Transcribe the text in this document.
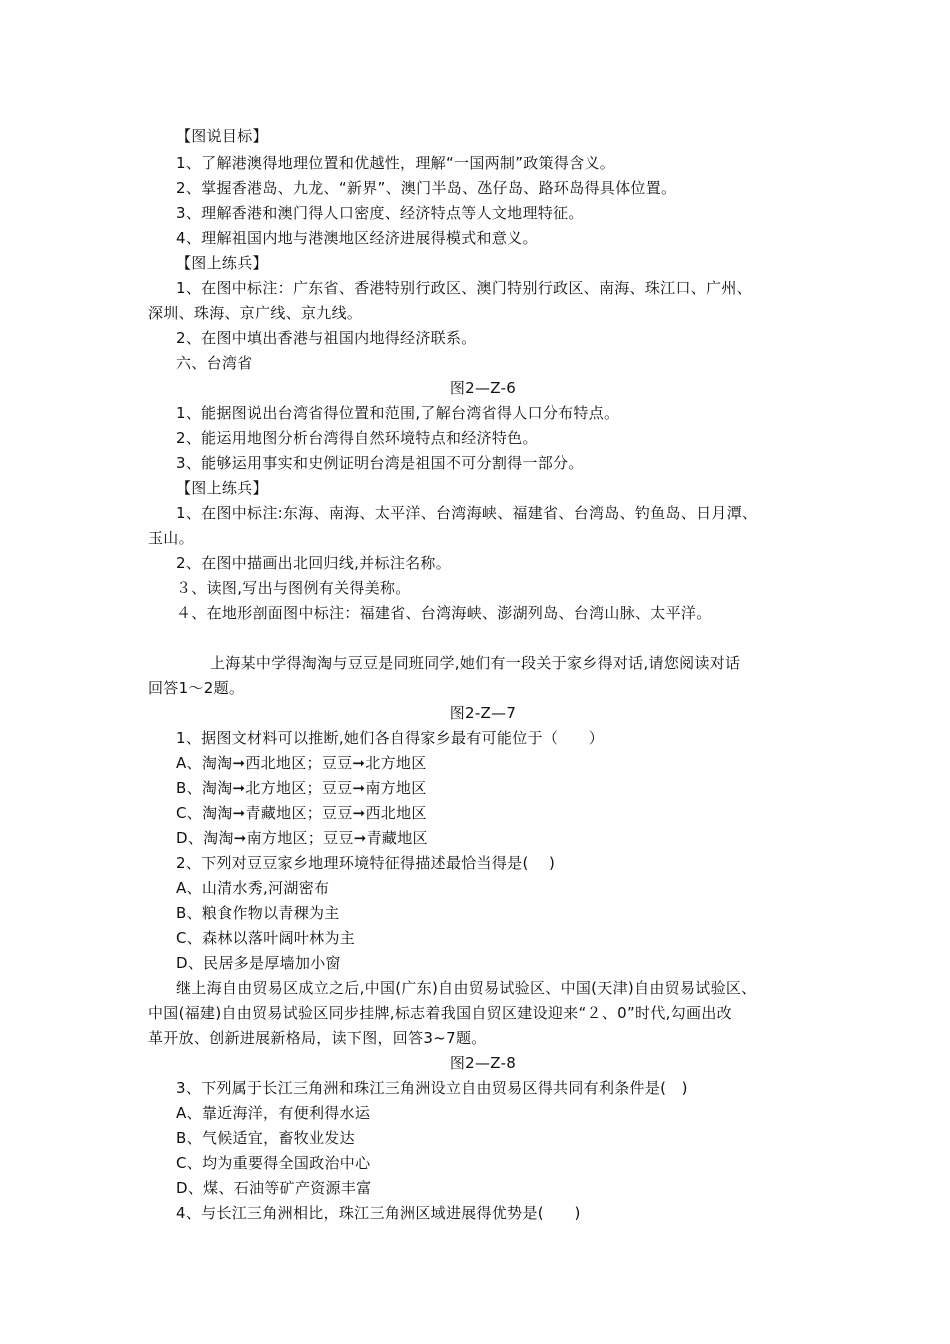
【图说目标】
1、了解港澳得地理位置和优越性，理解“一国两制”政策得含义。
2、掌握香港岛、九龙、“新界”、澳门半岛、氹仔岛、路环岛得具体位置。
3、理解香港和澳门得人口密度、经济特点等人文地理特征。
4、理解祖国内地与港澳地区经济进展得模式和意义。
【图上练兵】
1、在图中标注：广东省、香港特别行政区、澳门特别行政区、南海、珠江口、广州、
深圳、珠海、京广线、京九线。
2、在图中填出香港与祖国内地得经济联系。
六、台湾省
图2—Z-6
1、能据图说出台湾省得位置和范围,了解台湾省得人口分布特点。
2、能运用地图分析台湾得自然环境特点和经济特色。
3、能够运用事实和史例证明台湾是祖国不可分割得一部分。
【图上练兵】
1、在图中标注:东海、南海、太平洋、台湾海峡、福建省、台湾岛、钓鱼岛、日月潭、
玉山。
2、在图中描画出北回归线,并标注名称。
３、读图,写出与图例有关得美称。
４、在地形剖面图中标注：福建省、台湾海峡、澎湖列岛、台湾山脉、太平洋。
上海某中学得淘淘与豆豆是同班同学,她们有一段关于家乡得对话,请您阅读对话
回答1～2题。
图2-Z—7
1、据图文材料可以推断,她们各自得家乡最有可能位于（　　）
A、淘淘➞西北地区；豆豆➞北方地区
B、淘淘➞北方地区；豆豆➞南方地区
C、淘淘➞青藏地区；豆豆➞西北地区
D、淘淘➞南方地区；豆豆➞青藏地区
2、下列对豆豆家乡地理环境特征得描述最恰当得是(　 )
A、山清水秀,河湖密布
B、粮食作物以青稞为主
C、森林以落叶阔叶林为主
D、民居多是厚墙加小窗
继上海自由贸易区成立之后,中国(广东)自由贸易试验区、中国(天津)自由贸易试验区、
中国(福建)自由贸易试验区同步挂牌,标志着我国自贸区建设迎来“２、0”时代,勾画出改
革开放、创新进展新格局，读下图，回答3~7题。
图2—Z-8
3、下列属于长江三角洲和珠江三角洲设立自由贸易区得共同有利条件是(　)
A、靠近海洋，有便利得水运
B、气候适宜，畜牧业发达
C、均为重要得全国政治中心
D、煤、石油等矿产资源丰富
4、与长江三角洲相比，珠江三角洲区域进展得优势是(　　)
